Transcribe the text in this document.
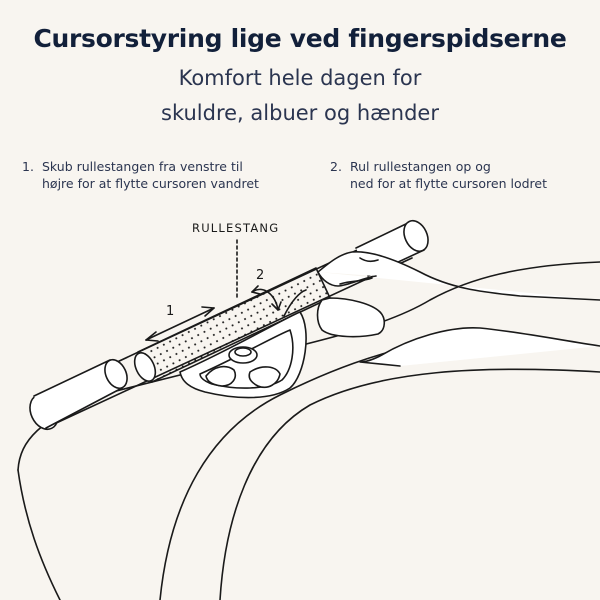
Cursorstyring lige ved fingerspidserne
Komfort hele dagen for
skuldre, albuer og hænder
1. Skub rullestangen fra venstre til
højre for at flytte cursoren vandret
2. Rul rullestangen op og
ned for at flytte cursoren lodret
RULLESTANG
1
2
